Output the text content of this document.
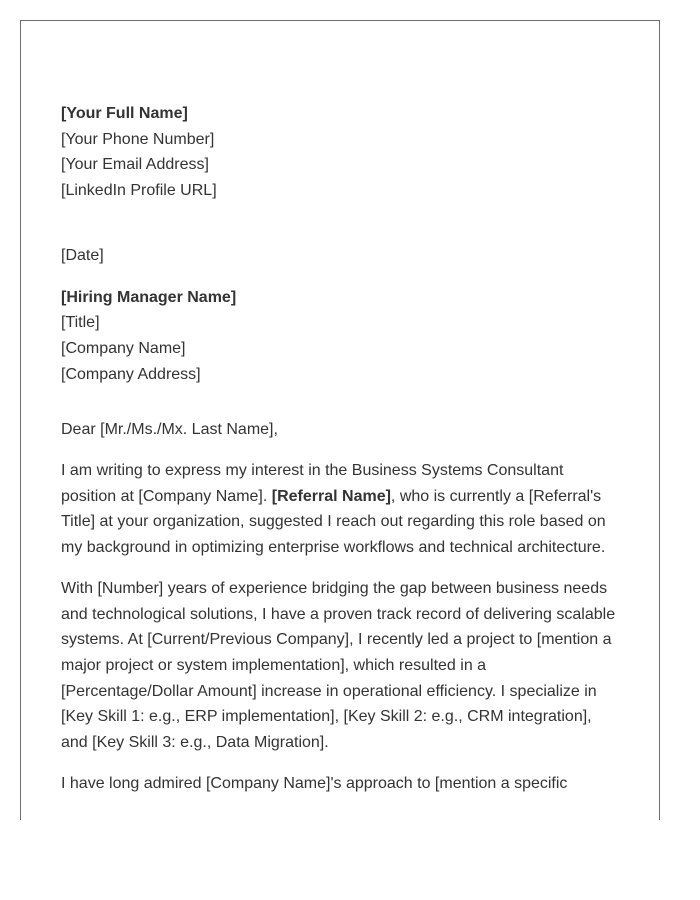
[Your Full Name]
[Your Phone Number]
[Your Email Address]
[LinkedIn Profile URL]
[Date]
[Hiring Manager Name]
[Title]
[Company Name]
[Company Address]
Dear [Mr./Ms./Mx. Last Name],

I am writing to express my interest in the Business Systems Consultant
position at [Company Name]. [Referral Name], who is currently a [Referral's
Title] at your organization, suggested I reach out regarding this role based on
my background in optimizing enterprise workflows and technical architecture.

With [Number] years of experience bridging the gap between business needs
and technological solutions, I have a proven track record of delivering scalable
systems. At [Current/Previous Company], I recently led a project to [mention a
major project or system implementation], which resulted in a
[Percentage/Dollar Amount] increase in operational efficiency. I specialize in
[Key Skill 1: e.g., ERP implementation], [Key Skill 2: e.g., CRM integration],
and [Key Skill 3: e.g., Data Migration].

I have long admired [Company Name]'s approach to [mention a specific
